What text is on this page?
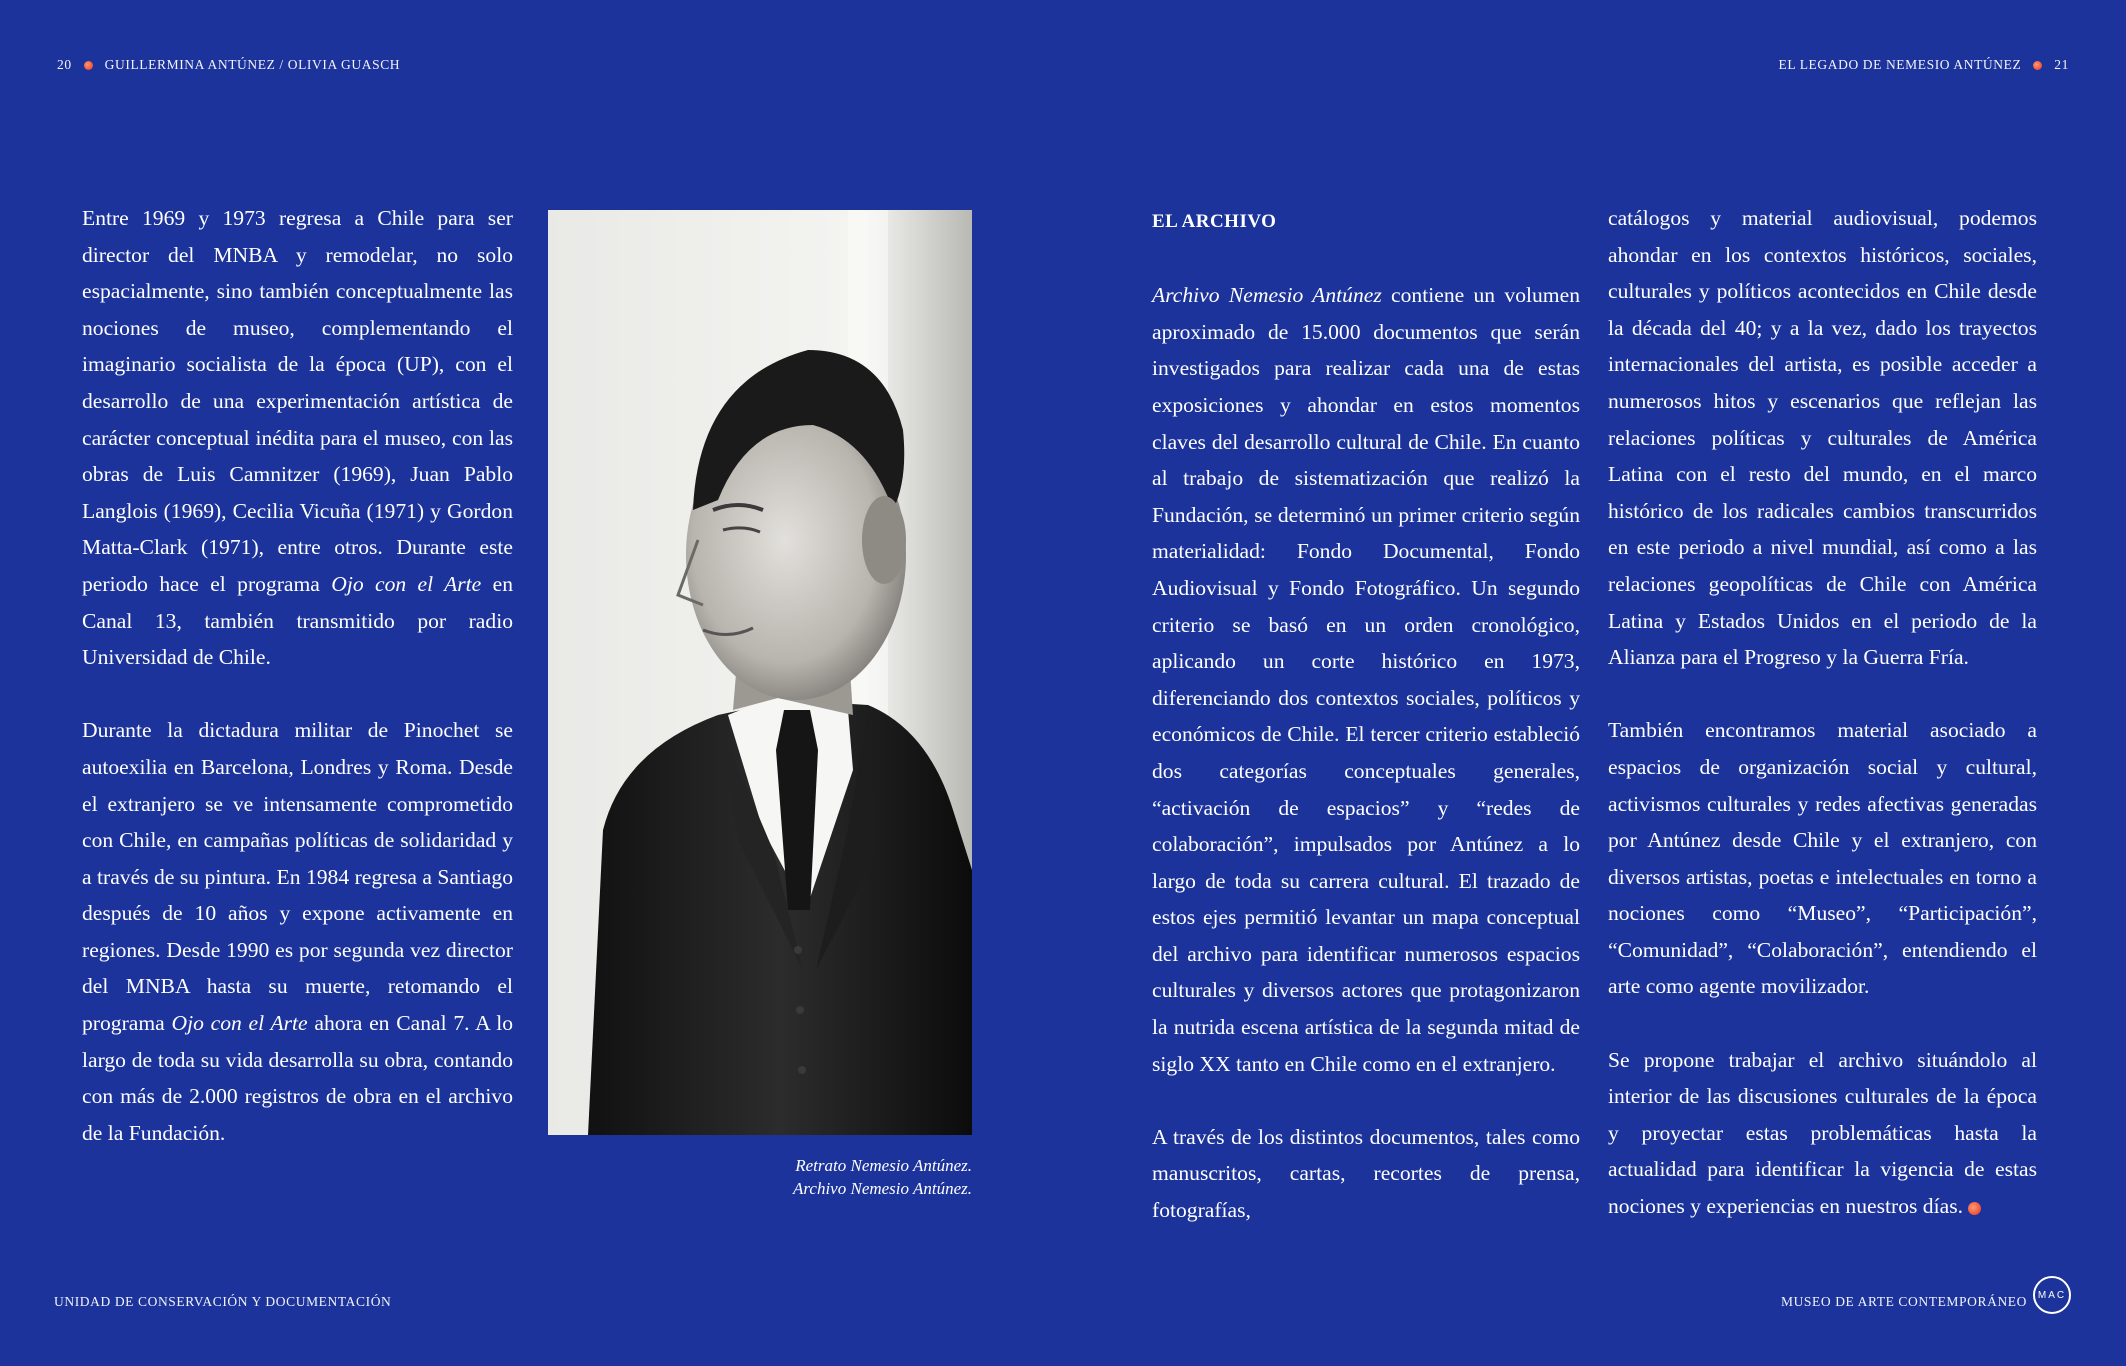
20 GUILLERMINA ANTÚNEZ / OLIVIA GUASCH	EL LEGADO DE NEMESIO ANTÚNEZ 21

Entre 1969 y 1973 regresa a Chile para ser director del MNBA y remodelar, no solo espacialmente, sino también conceptualmente las nociones de museo, complementando el imaginario socialista de la época (UP), con el desarrollo de una experimentación artística de carácter conceptual inédita para el museo, con las obras de Luis Camnitzer (1969), Juan Pablo Langlois (1969), Cecilia Vicuña (1971) y Gordon Matta-Clark (1971), entre otros. Durante este periodo hace el programa Ojo con el Arte en Canal 13, también transmitido por radio Universidad de Chile.

Durante la dictadura militar de Pinochet se autoexilia en Barcelona, Londres y Roma. Desde el extranjero se ve intensamente comprometido con Chile, en campañas políticas de solidaridad y a través de su pintura. En 1984 regresa a Santiago después de 10 años y expone activamente en regiones. Desde 1990 es por segunda vez director del MNBA hasta su muerte, retomando el programa Ojo con el Arte ahora en Canal 7. A lo largo de toda su vida desarrolla su obra, contando con más de 2.000 registros de obra en el archivo de la Fundación.

Retrato Nemesio Antúnez.
Archivo Nemesio Antúnez.
EL ARCHIVO

Archivo Nemesio Antúnez contiene un volumen aproximado de 15.000 documentos que serán investigados para realizar cada una de estas exposiciones y ahondar en estos momentos claves del desarrollo cultural de Chile. En cuanto al trabajo de sistematización que realizó la Fundación, se determinó un primer criterio según materialidad: Fondo Documental, Fondo Audiovisual y Fondo Fotográfico. Un segundo criterio se basó en un orden cronológico, aplicando un corte histórico en 1973, diferenciando dos contextos sociales, políticos y económicos de Chile. El tercer criterio estableció dos categorías conceptuales generales, “activación de espacios” y “redes de colaboración”, impulsados por Antúnez a lo largo de toda su carrera cultural. El trazado de estos ejes permitió levantar un mapa conceptual del archivo para identificar numerosos espacios culturales y diversos actores que protagonizaron la nutrida escena artística de la segunda mitad de siglo XX tanto en Chile como en el extranjero.

A través de los distintos documentos, tales como manuscritos, cartas, recortes de prensa, fotografías,

catálogos y material audiovisual, podemos ahondar en los contextos históricos, sociales, culturales y políticos acontecidos en Chile desde la década del 40; y a la vez, dado los trayectos internacionales del artista, es posible acceder a numerosos hitos y escenarios que reflejan las relaciones políticas y culturales de América Latina con el resto del mundo, en el marco histórico de los radicales cambios transcurridos en este periodo a nivel mundial, así como a las relaciones geopolíticas de Chile con América Latina y Estados Unidos en el periodo de la Alianza para el Progreso y la Guerra Fría.

También encontramos material asociado a espacios de organización social y cultural, activismos culturales y redes afectivas generadas por Antúnez desde Chile y el extranjero, con diversos artistas, poetas e intelectuales en torno a nociones como “Museo”, “Participación”, “Comunidad”, “Colaboración”, entendiendo el arte como agente movilizador.

Se propone trabajar el archivo situándolo al interior de las discusiones culturales de la época y proyectar estas problemáticas hasta la actualidad para identificar la vigencia de estas nociones y experiencias en nuestros días.

UNIDAD DE CONSERVACIÓN Y DOCUMENTACIÓN	MUSEO DE ARTE CONTEMPORÁNEO	MAC
